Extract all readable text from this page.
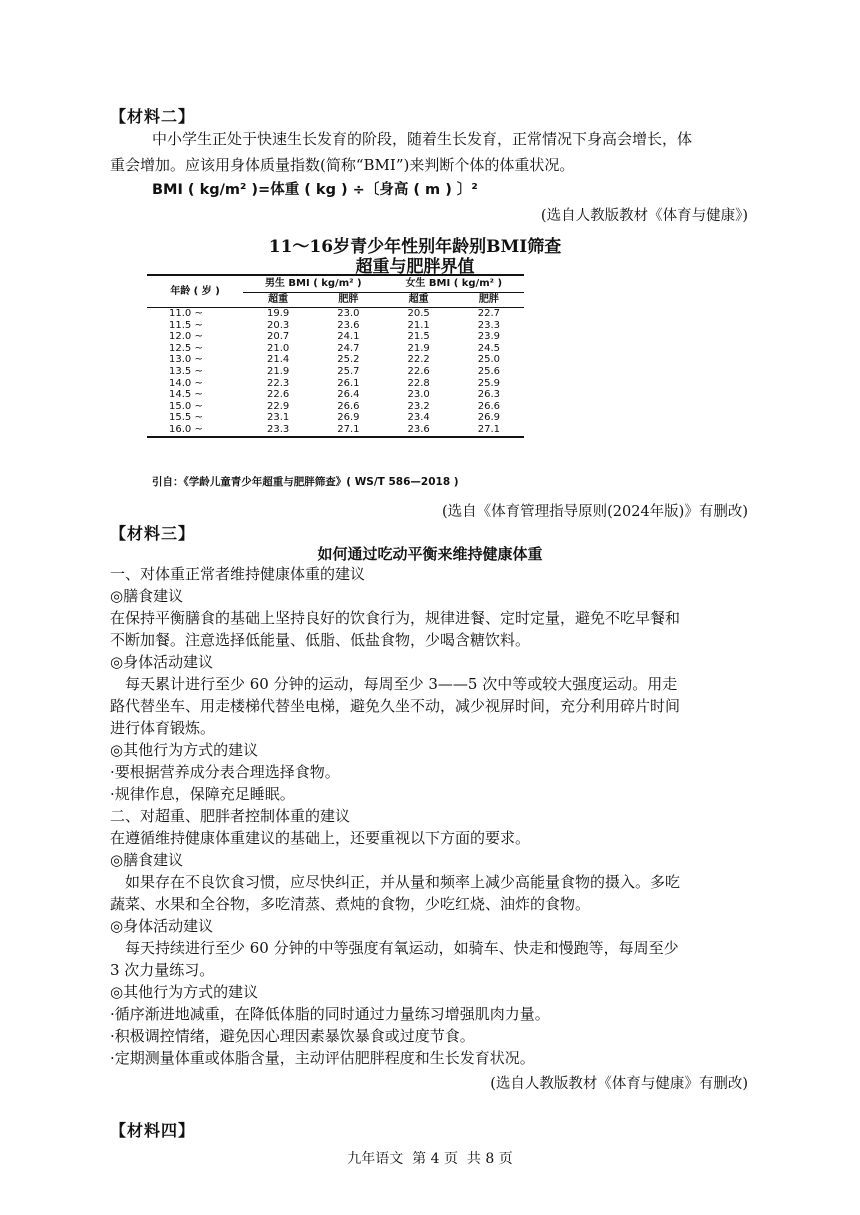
【材料二】
中小学生正处于快速生长发育的阶段，随着生长发育，正常情况下身高会增长，体
重会增加。应该用身体质量指数(简称“BMI”)来判断个体的体重状况。
BMI ( kg/m² )=体重 ( kg ) ÷〔身高 ( m ) 〕²
(选自人教版教材《体育与健康》)
11～16岁青少年性别年龄别BMI筛查
超重与肥胖界值
年龄 ( 岁 )	男生 BMI ( kg/m² )		女生 BMI ( kg/m² )	
	超重	肥胖	超重	肥胖
11.0 ~	19.9	23.0	20.5	22.7
11.5 ~	20.3	23.6	21.1	23.3
12.0 ~	20.7	24.1	21.5	23.9
12.5 ~	21.0	24.7	21.9	24.5
13.0 ~	21.4	25.2	22.2	25.0
13.5 ~	21.9	25.7	22.6	25.6
14.0 ~	22.3	26.1	22.8	25.9
14.5 ~	22.6	26.4	23.0	26.3
15.0 ~	22.9	26.6	23.2	26.6
15.5 ~	23.1	26.9	23.4	26.9
16.0 ~	23.3	27.1	23.6	27.1
引自：《学龄儿童青少年超重与肥胖筛查》( WS/T 586—2018 )
(选自《体育管理指导原则(2024年版)》有删改)
【材料三】
如何通过吃动平衡来维持健康体重
一、对体重正常者维持健康体重的建议
◎膳食建议
在保持平衡膳食的基础上坚持良好的饮食行为，规律进餐、定时定量，避免不吃早餐和
不断加餐。注意选择低能量、低脂、低盐食物，少喝含糖饮料。
◎身体活动建议
每天累计进行至少 60 分钟的运动，每周至少 3——5 次中等或较大强度运动。用走
路代替坐车、用走楼梯代替坐电梯，避免久坐不动，减少视屏时间，充分利用碎片时间
进行体育锻炼。
◎其他行为方式的建议
·要根据营养成分表合理选择食物。
·规律作息，保障充足睡眠。
二、对超重、肥胖者控制体重的建议
在遵循维持健康体重建议的基础上，还要重视以下方面的要求。
◎膳食建议
如果存在不良饮食习惯，应尽快纠正，并从量和频率上减少高能量食物的摄入。多吃
蔬菜、水果和全谷物，多吃清蒸、煮炖的食物，少吃红烧、油炸的食物。
◎身体活动建议
每天持续进行至少 60 分钟的中等强度有氧运动，如骑车、快走和慢跑等，每周至少
3 次力量练习。
◎其他行为方式的建议
·循序渐进地减重，在降低体脂的同时通过力量练习增强肌肉力量。
·积极调控情绪，避免因心理因素暴饮暴食或过度节食。
·定期测量体重或体脂含量，主动评估肥胖程度和生长发育状况。
(选自人教版教材《体育与健康》有删改)
【材料四】
九年语文  第 4 页  共 8 页
